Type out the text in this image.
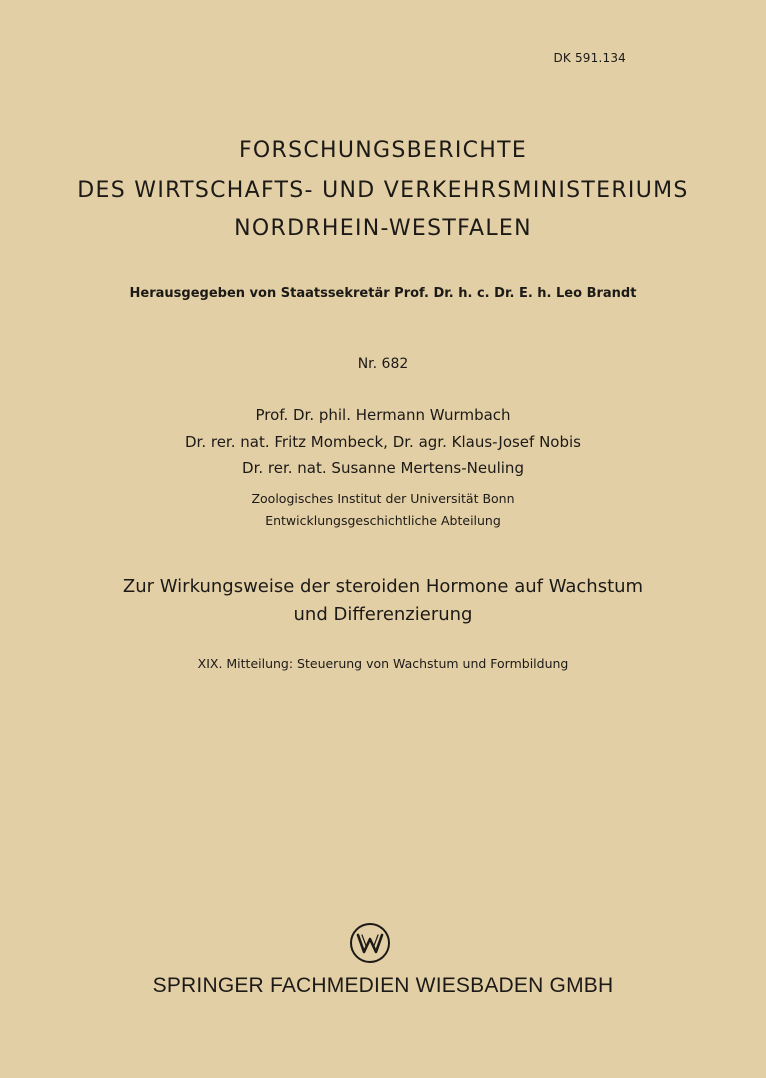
DK 591.134
FORSCHUNGSBERICHTE
DES WIRTSCHAFTS- UND VERKEHRSMINISTERIUMS
NORDRHEIN-WESTFALEN
Herausgegeben von Staatssekretär Prof. Dr. h. c. Dr. E. h. Leo Brandt
Nr. 682
Prof. Dr. phil. Hermann Wurmbach
Dr. rer. nat. Fritz Mombeck, Dr. agr. Klaus-Josef Nobis
Dr. rer. nat. Susanne Mertens-Neuling
Zoologisches Institut der Universität Bonn
Entwicklungsgeschichtliche Abteilung
Zur Wirkungsweise der steroiden Hormone auf Wachstum
und Differenzierung
XIX. Mitteilung: Steuerung von Wachstum und Formbildung
SPRINGER FACHMEDIEN WIESBADEN GMBH
